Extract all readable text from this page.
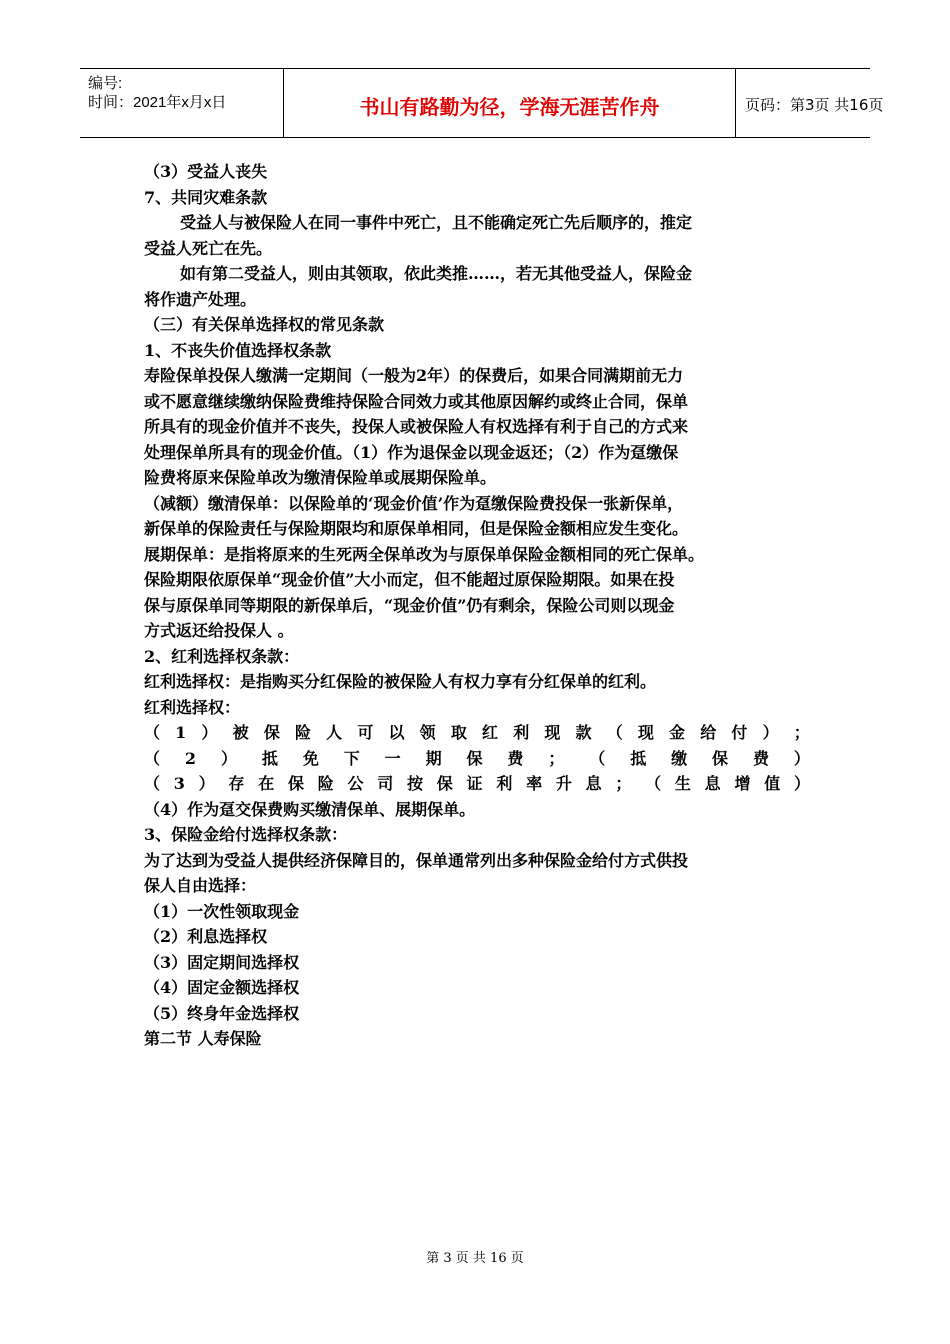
编号:
时间：2021年x月x日	书山有路勤为径，学海无涯苦作舟	页码：第3页 共16页

（3）受益人丧失

7、共同灾难条款

受益人与被保险人在同一事件中死亡，且不能确定死亡先后顺序的，推定

受益人死亡在先。

如有第二受益人，则由其领取，依此类推……，若无其他受益人，保险金

将作遗产处理。

（三）有关保单选择权的常见条款

1、不丧失价值选择权条款

寿险保单投保人缴满一定期间（一般为2年）的保费后，如果合同满期前无力

或不愿意继续缴纳保险费维持保险合同效力或其他原因解约或终止合同，保单

所具有的现金价值并不丧失，投保人或被保险人有权选择有利于自己的方式来

处理保单所具有的现金价值。（1）作为退保金以现金返还；（2）作为趸缴保

险费将原来保险单改为缴清保险单或展期保险单。

（减额）缴清保单：以保险单的‘现金价值’作为趸缴保险费投保一张新保单，

新保单的保险责任与保险期限均和原保单相同，但是保险金额相应发生变化。

展期保单：是指将原来的生死两全保单改为与原保单保险金额相同的死亡保单。

保险期限依原保单“现金价值”大小而定，但不能超过原保险期限。如果在投

保与原保单同等期限的新保单后，“现金价值”仍有剩余，保险公司则以现金

方式返还给投保人 。

2、红利选择权条款：

红利选择权：是指购买分红保险的被保险人有权力享有分红保单的红利。

红利选择权：

（ 1 ） 被 保 险 人 可 以 领 取 红 利 现 款 （ 现 金 给 付 ） ；
（ 2 ） 抵 免 下 一 期 保 费 ； （ 抵 缴 保 费 ）
（ 3 ） 存 在 保 险 公 司 按 保 证 利 率 升 息 ； （ 生 息 增 值 ）

（4）作为趸交保费购买缴清保单、展期保单。

3、保险金给付选择权条款：

为了达到为受益人提供经济保障目的，保单通常列出多种保险金给付方式供投

保人自由选择：

（1）一次性领取现金

（2）利息选择权

（3）固定期间选择权

（4）固定金额选择权

（5）终身年金选择权

第二节 人寿保险

第 3 页 共 16 页
